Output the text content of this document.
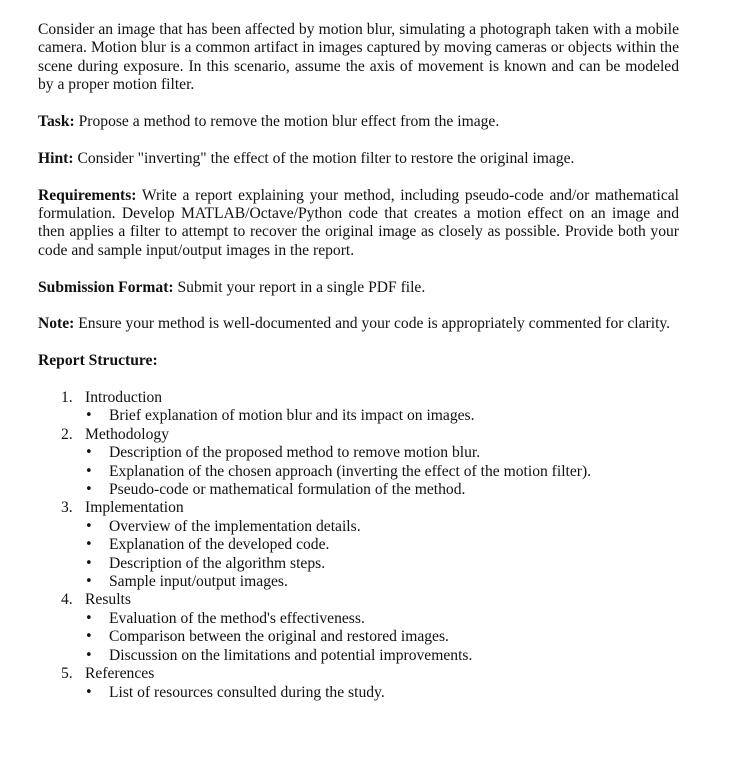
Consider an image that has been affected by motion blur, simulating a photograph taken with a mobile camera. Motion blur is a common artifact in images captured by moving cameras or objects within the scene during exposure. In this scenario, assume the axis of movement is known and can be modeled by a proper motion filter.

Task: Propose a method to remove the motion blur effect from the image.

Hint: Consider "inverting" the effect of the motion filter to restore the original image.

Requirements: Write a report explaining your method, including pseudo-code and/or mathematical formulation. Develop MATLAB/Octave/Python code that creates a motion effect on an image and then applies a filter to attempt to recover the original image as closely as possible. Provide both your code and sample input/output images in the report.

Submission Format: Submit your report in a single PDF file.

Note: Ensure your method is well-documented and your code is appropriately commented for clarity.

Report Structure:

1. Introduction
• Brief explanation of motion blur and its impact on images.
2. Methodology
• Description of the proposed method to remove motion blur.
• Explanation of the chosen approach (inverting the effect of the motion filter).
• Pseudo-code or mathematical formulation of the method.
3. Implementation
• Overview of the implementation details.
• Explanation of the developed code.
• Description of the algorithm steps.
• Sample input/output images.
4. Results
• Evaluation of the method's effectiveness.
• Comparison between the original and restored images.
• Discussion on the limitations and potential improvements.
5. References
• List of resources consulted during the study.
